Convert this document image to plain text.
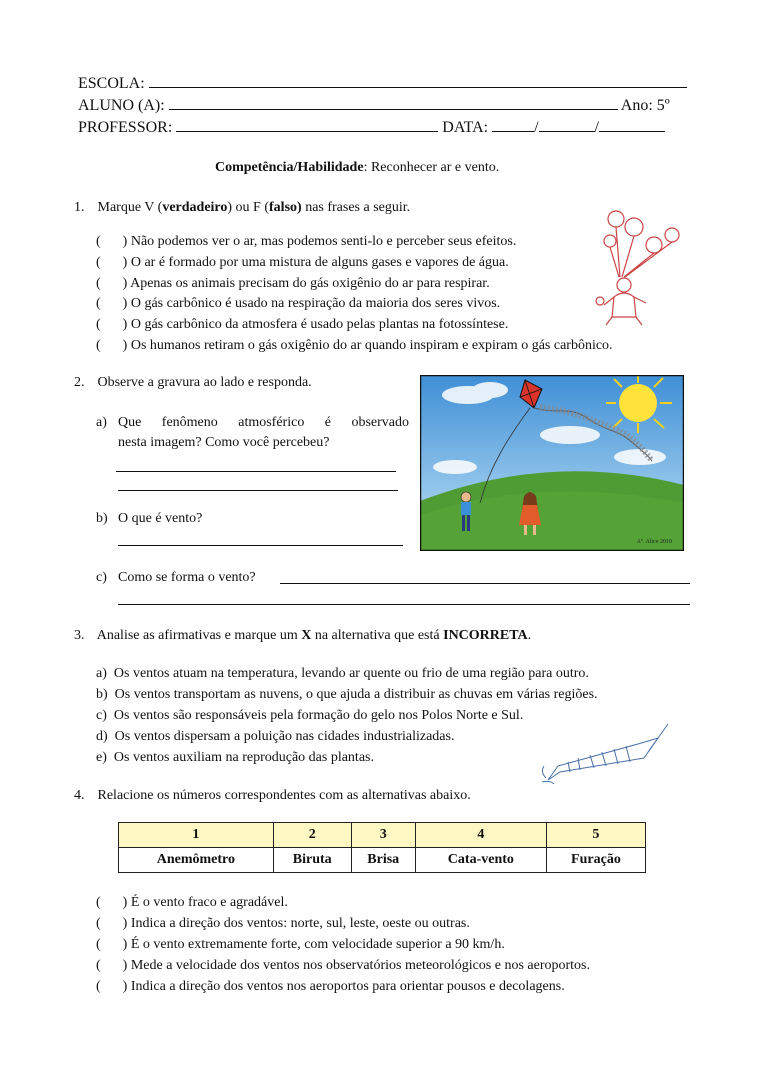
ESCOLA:
ALUNO (A):	Ano: 5º
PROFESSOR:	DATA:	/	/
Competência/Habilidade: Reconhecer ar e vento.
1. Marque V (verdadeiro) ou F (falso) nas frases a seguir.
( ) Não podemos ver o ar, mas podemos senti-lo e perceber seus efeitos.
( ) O ar é formado por uma mistura de alguns gases e vapores de água.
( ) Apenas os animais precisam do gás oxigênio do ar para respirar.
( ) O gás carbônico é usado na respiração da maioria dos seres vivos.
( ) O gás carbônico da atmosfera é usado pelas plantas na fotossíntese.
( ) Os humanos retiram o gás oxigênio do ar quando inspiram e expiram o gás carbônico.
2. Observe a gravura ao lado e responda.
a) Que fenômeno atmosférico é observado
nesta imagem? Como você percebeu?
b) O que é vento?
Aº. Alice 2010
c) Como se forma o vento?
3. Analise as afirmativas e marque um X na alternativa que está INCORRETA.
a) Os ventos atuam na temperatura, levando ar quente ou frio de uma região para outro.
b) Os ventos transportam as nuvens, o que ajuda a distribuir as chuvas em várias regiões.
c) Os ventos são responsáveis pela formação do gelo nos Polos Norte e Sul.
d) Os ventos dispersam a poluição nas cidades industrializadas.
e) Os ventos auxiliam na reprodução das plantas.
4. Relacione os números correspondentes com as alternativas abaixo.
1	2	3	4	5
Anemômetro	Biruta	Brisa	Cata-vento	Furação
( ) É o vento fraco e agradável.
( ) Indica a direção dos ventos: norte, sul, leste, oeste ou outras.
( ) É o vento extremamente forte, com velocidade superior a 90 km/h.
( ) Mede a velocidade dos ventos nos observatórios meteorológicos e nos aeroportos.
( ) Indica a direção dos ventos nos aeroportos para orientar pousos e decolagens.
